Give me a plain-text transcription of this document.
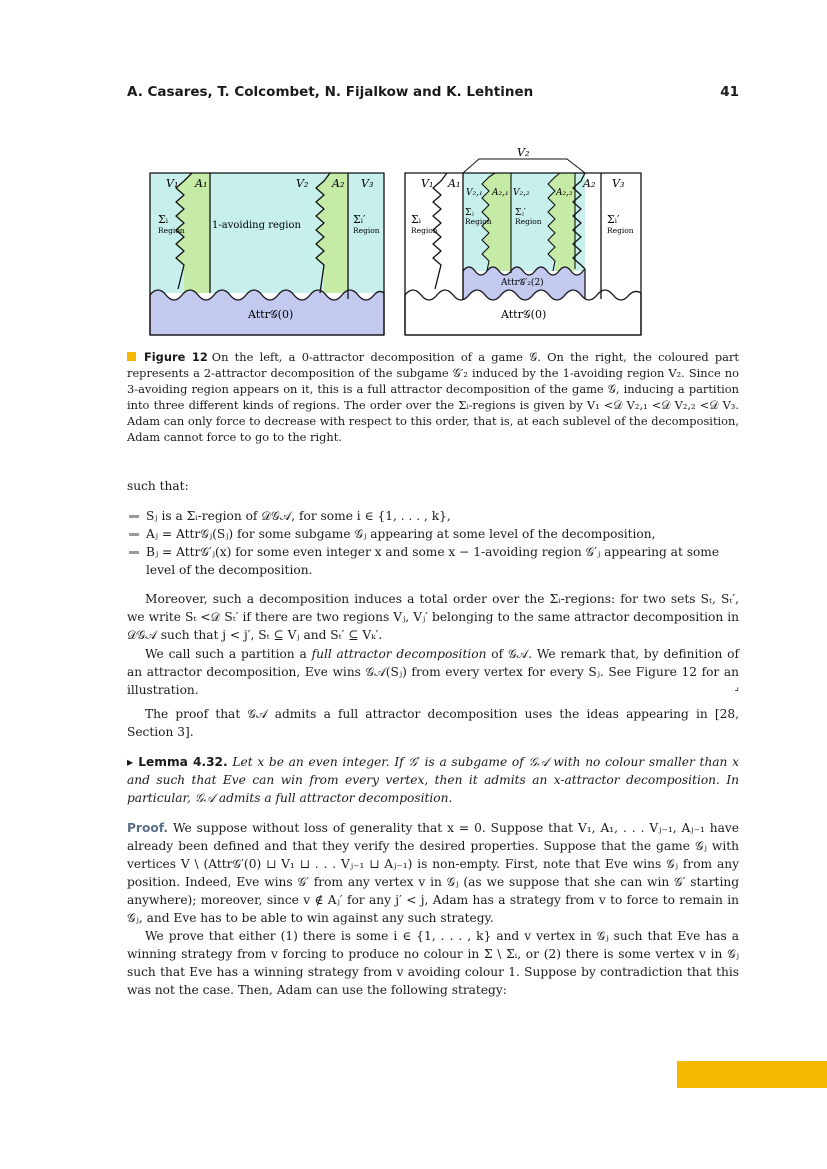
A. Casares, T. Colcombet, N. Fijalkow and K. Lehtinen	41
V₁ A₁	V₂ A₂ V₃
Σᵢ
Region	1-avoiding region	Σᵢ′
Region
Attr𝒢(0)
V₂
V₁ A₁
V₂,₁ A₂,₁ V₂,₂	A₂,₂
A₂ V₃
Σᵢ
Region
Σⱼ
Region
Σⱼ′
Region	Σᵢ′
Region
Attr𝒢′₂(2)
Attr𝒢(0)
Figure 12 On the left, a 0-attractor decomposition of a game 𝒢. On the right, the coloured part represents a 2-attractor decomposition of the subgame 𝒢′₂ induced by the 1-avoiding region V₂. Since no 3-avoiding region appears on it, this is a full attractor decomposition of the game 𝒢, inducing a partition into three different kinds of regions. The order over the Σᵢ-regions is given by V₁ <𝒟 V₂,₁ <𝒟 V₂,₂ <𝒟 V₃. Adam can only force to decrease with respect to this order, that is, at each sublevel of the decomposition, Adam cannot force to go to the right.

such that:

Sⱼ is a Σᵢ-region of 𝒟𝒢𝒜, for some i ∈ {1, . . . , k},
Aⱼ = Attr𝒢ⱼ(Sⱼ) for some subgame 𝒢ⱼ appearing at some level of the decomposition,
Bⱼ = Attr𝒢′ⱼ(x) for some even integer x and some x − 1-avoiding region 𝒢′ⱼ appearing at some level of the decomposition.

Moreover, such a decomposition induces a total order over the Σᵢ-regions: for two sets Sₜ, Sₜ′, we write Sₜ <𝒟 Sₜ′ if there are two regions Vⱼ, Vⱼ′ belonging to the same attractor decomposition in 𝒟𝒢𝒜 such that j < j′, Sₜ ⊆ Vⱼ and Sₜ′ ⊆ Vₖ′.

We call such a partition a full attractor decomposition of 𝒢𝒜. We remark that, by definition of an attractor decomposition, Eve wins 𝒢𝒜(Sⱼ) from every vertex for every Sⱼ. See Figure 12 for an illustration.	⌟

The proof that 𝒢𝒜 admits a full attractor decomposition uses the ideas appearing in [28, Section 3].

▸ Lemma 4.32. Let x be an even integer. If 𝒢′ is a subgame of 𝒢𝒜 with no colour smaller than x and such that Eve can win from every vertex, then it admits an x-attractor decomposition. In particular, 𝒢𝒜 admits a full attractor decomposition.

Proof. We suppose without loss of generality that x = 0. Suppose that V₁, A₁, . . . Vⱼ₋₁, Aⱼ₋₁ have already been defined and that they verify the desired properties. Suppose that the game 𝒢ⱼ with vertices V \ (Attr𝒢′(0) ⊔ V₁ ⊔ . . . Vⱼ₋₁ ⊔ Aⱼ₋₁) is non-empty. First, note that Eve wins 𝒢ⱼ from any position. Indeed, Eve wins 𝒢′ from any vertex v in 𝒢ⱼ (as we suppose that she can win 𝒢′ starting anywhere); moreover, since v ∉ Aⱼ′ for any j′ < j, Adam has a strategy from v to force to remain in 𝒢ⱼ, and Eve has to be able to win against any such strategy.

We prove that either (1) there is some i ∈ {1, . . . , k} and v vertex in 𝒢ⱼ such that Eve has a winning strategy from v forcing to produce no colour in Σ \ Σᵢ, or (2) there is some vertex v in 𝒢ⱼ such that Eve has a winning strategy from v avoiding colour 1. Suppose by contradiction that this was not the case. Then, Adam can use the following strategy:
